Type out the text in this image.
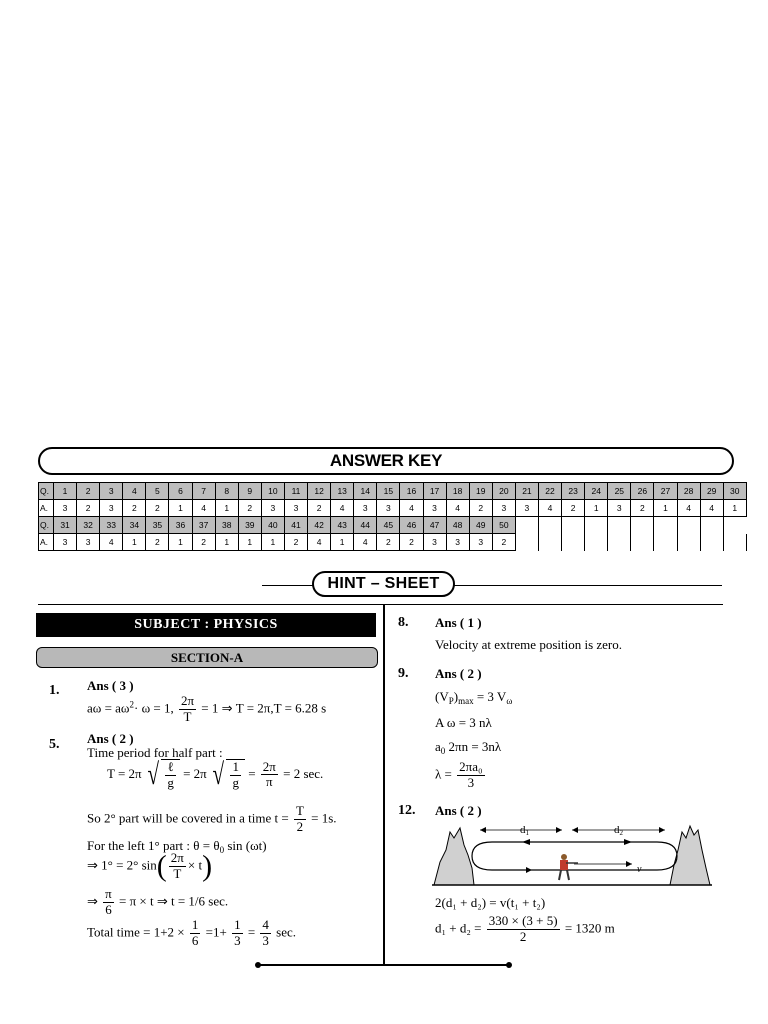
ANSWER KEY
Q.	1	2	3	4	5	6	7	8	9	10	11	12	13	14	15	16	17	18	19	20	21	22	23	24	25	26	27	28	29	30
A.	3	2	3	2	2	1	4	1	2	3	3	2	4	3	3	4	3	4	2	3	3	4	2	1	3	2	1	4	4	1
Q.	31	32	33	34	35	36	37	38	39	40	41	42	43	44	45	46	47	48	49	50										
A.	3	3	4	1	2	1	2	1	1	1	2	4	1	4	2	2	3	3	3	2										
HINT – SHEET
SUBJECT : PHYSICS
SECTION-A
1. Ans ( 3 )
$a\omega = a\omega^2\cdot \omega = 1$, $\frac{2\pi}{T} = 1$ ⇒ T = 2π,T = 6.28 s
5. Ans ( 2 )
Time period for half part :
T = 2π √ $\frac{\text{ℓ}}{g} = 2\pi$ √ $\frac{1}{g} = \frac{2\pi}{\pi} = 2$ sec.
So 2° part will be covered in a time $t = \frac{T}{2} = 1s$.
For the left 1° part : $\theta = \theta_0$ sin (ωt)
⇒ 1° = 2° $\sin( \frac{2\pi}{T} \times t)$
⇒ $\frac{\pi}{6} = \pi \times t$ ⇒ t = 1/6 sec.
Total time = $1+2 \times \frac{1}{6} =1+ \frac{1}{3} = \frac{4}{3} \sec$.
8. Ans ( 1 )
Velocity at extreme position is zero.
9. Ans ( 2 )
$(V_P)_{max} = 3$ $V_\omega$
A ω = 3 nλ
$a_0$ 2πn = 3nλ
$\lambda = \frac{\text{2πa₀}}{3}$
12. Ans ( 2 )
d1	d2
v
2(d₁ + d₂) = v(t₁ + t₂)
$d_1 + d_2 = \frac{330 \times (3 + 5)}{2} = 1320$ m
